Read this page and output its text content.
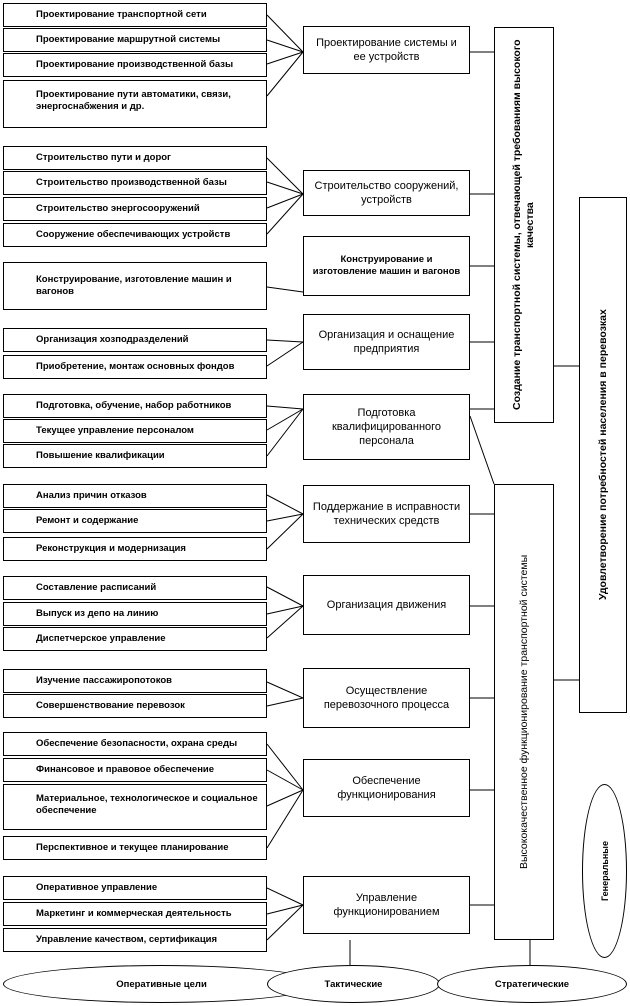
Проектирование транспортной сети
Проектирование маршрутной системы
Проектирование производственной базы
Проектирование пути автоматики, связи, энергоснабжения и др.
Проектирование системы и ее устройств
Строительство пути и дорог
Строительство производственной базы
Строительство энергосооружений
Сооружение обеспечивающих устройств
Строительство сооружений, устройств
Конструирование, изготовление машин и вагонов
Конструирование и изготовление машин и вагонов
Организация хозподразделений
Приобретение, монтаж основных фондов
Организация и оснащение предприятия
Подготовка, обучение, набор работников
Текущее управление персоналом
Повышение квалификации
Подготовка квалифицированного персонала
Анализ причин отказов
Ремонт и содержание
Реконструкция и модернизация
Поддержание в исправности технических средств
Составление расписаний
Выпуск из депо на линию
Диспетчерское управление
Организация движения
Изучение пассажиропотоков
Совершенствование перевозок
Осуществление перевозочного процесса
Обеспечение безопасности, охрана среды
Финансовое и правовое обеспечение
Материальное, технологическое и социальное обеспечение
Перспективное и текущее планирование
Обеспечение функционирования
Оперативное управление
Маркетинг и коммерческая деятельность
Управление качеством, сертификация
Управление функционированием
Создание транспортной системы, отвечающей требованиям высокого качества
Высококачественное функционирование транспортной системы
Удовлетворение потребностей населения в перевозках
Генеральные
Оперативные цели	Тактические	Стратегические
